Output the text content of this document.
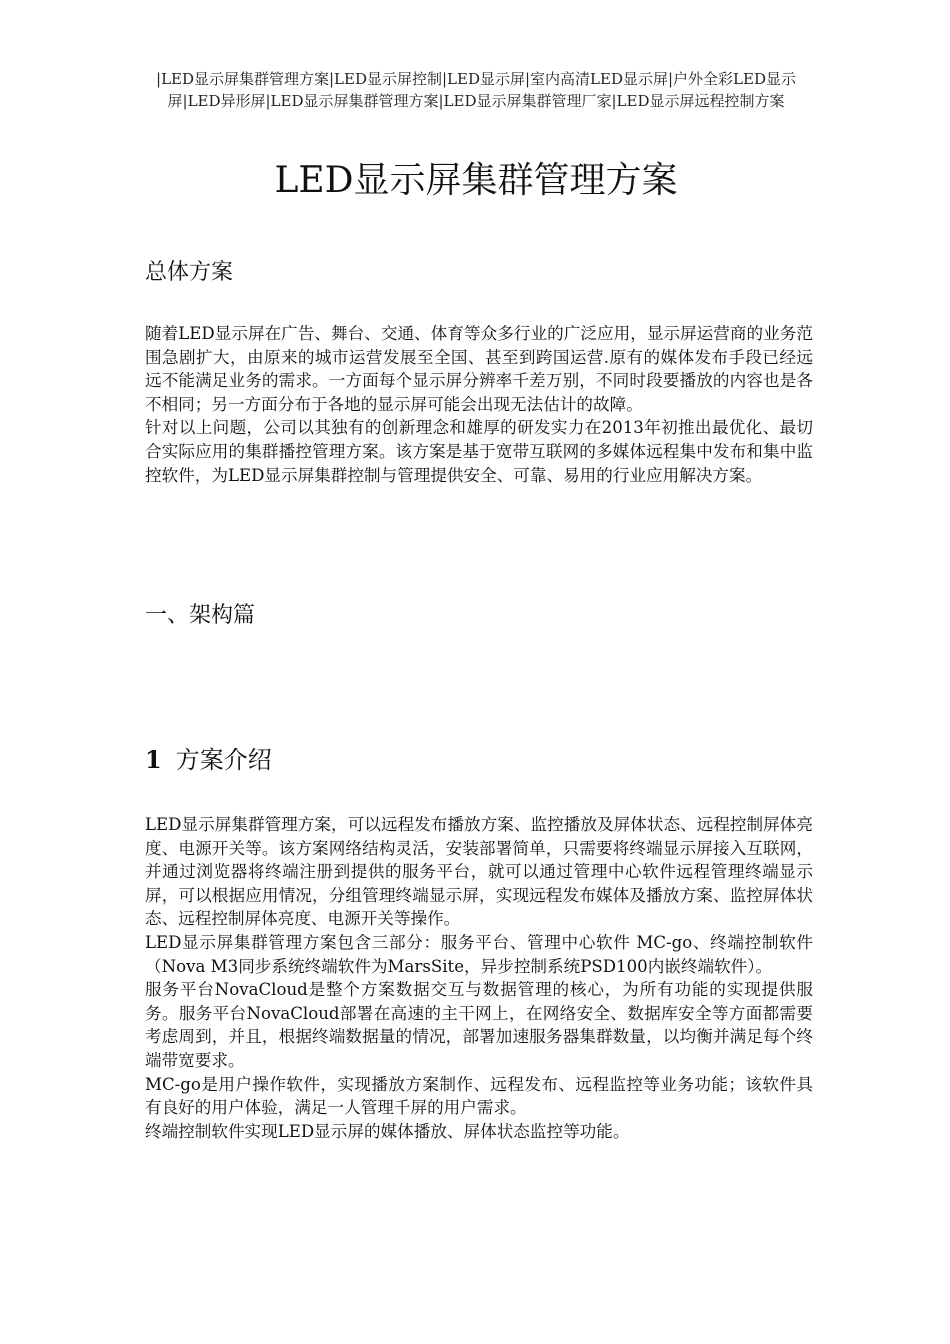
|LED显示屏集群管理方案|LED显示屏控制|LED显示屏|室内高清LED显示屏|户外全彩LED显示屏|LED异形屏|LED显示屏集群管理方案|LED显示屏集群管理厂家|LED显示屏远程控制方案
LED显示屏集群管理方案
总体方案

随着LED显示屏在广告、舞台、交通、体育等众多行业的广泛应用，显示屏运营商的业务范围急剧扩大，由原来的城市运营发展至全国、甚至到跨国运营.原有的媒体发布手段已经远远不能满足业务的需求。一方面每个显示屏分辨率千差万别，不同时段要播放的内容也是各不相同；另一方面分布于各地的显示屏可能会出现无法估计的故障。

针对以上问题，公司以其独有的创新理念和雄厚的研发实力在2013年初推出最优化、最切合实际应用的集群播控管理方案。该方案是基于宽带互联网的多媒体远程集中发布和集中监控软件，为LED显示屏集群控制与管理提供安全、可靠、易用的行业应用解决方案。

一、架构篇
1 方案介绍

LED显示屏集群管理方案，可以远程发布播放方案、监控播放及屏体状态、远程控制屏体亮度、电源开关等。该方案网络结构灵活，安装部署简单，只需要将终端显示屏接入互联网，并通过浏览器将终端注册到提供的服务平台，就可以通过管理中心软件远程管理终端显示屏，可以根据应用情况，分组管理终端显示屏，实现远程发布媒体及播放方案、监控屏体状态、远程控制屏体亮度、电源开关等操作。

LED显示屏集群管理方案包含三部分：服务平台、管理中心软件 MC-go、终端控制软件（Nova M3同步系统终端软件为MarsSite，异步控制系统PSD100内嵌终端软件）。

服务平台NovaCloud是整个方案数据交互与数据管理的核心，为所有功能的实现提供服务。服务平台NovaCloud部署在高速的主干网上，在网络安全、数据库安全等方面都需要考虑周到，并且，根据终端数据量的情况，部署加速服务器集群数量，以均衡并满足每个终端带宽要求。

MC-go是用户操作软件，实现播放方案制作、远程发布、远程监控等业务功能；该软件具有良好的用户体验，满足一人管理千屏的用户需求。

终端控制软件实现LED显示屏的媒体播放、屏体状态监控等功能。
